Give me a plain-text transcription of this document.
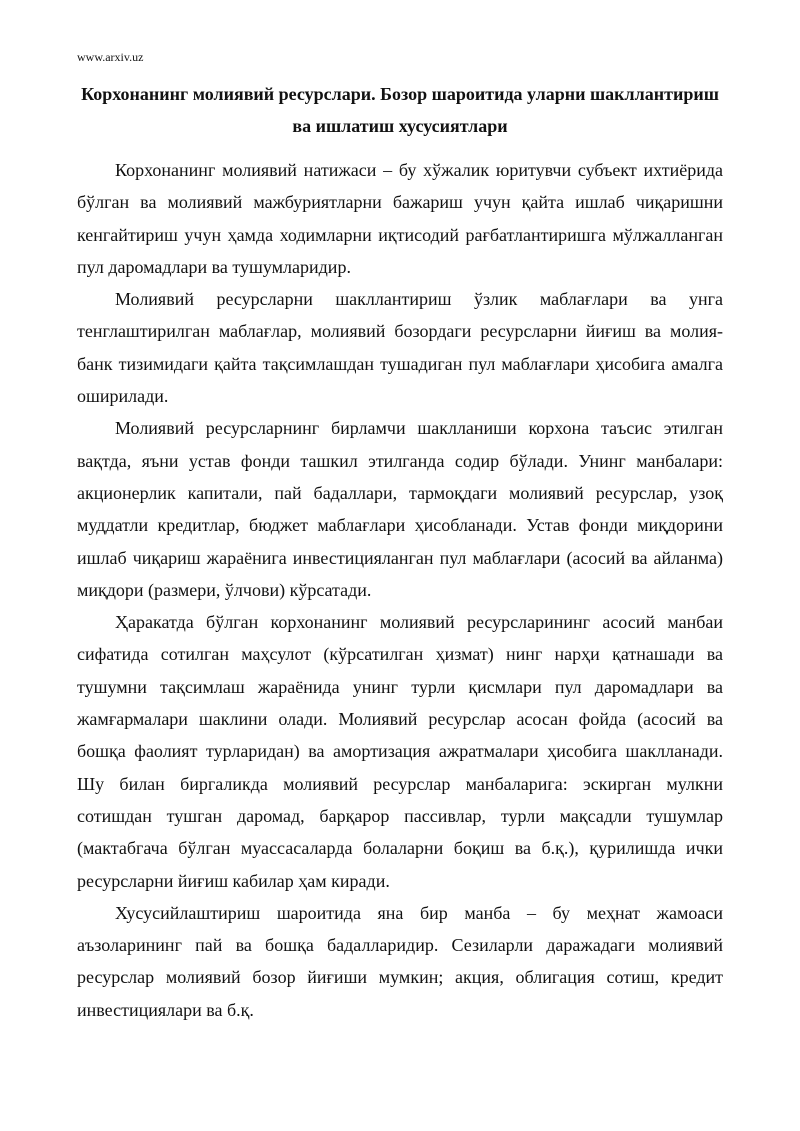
www.arxiv.uz
Корхонанинг молиявий ресурслари. Бозор шароитида уларни шакллантириш
ва ишлатиш хусусиятлари

Корхонанинг молиявий натижаси – бу хўжалик юритувчи субъект ихтиёрида бўлган ва молиявий мажбуриятларни бажариш учун қайта ишлаб чиқаришни кенгайтириш учун ҳамда ходимларни иқтисодий рағбатлантиришга мўлжалланган пул даромадлари ва тушумларидир.

Молиявий ресурсларни шакллантириш ўзлик маблағлари ва унга тенглаштирилган маблағлар, молиявий бозордаги ресурсларни йиғиш ва молия-банк тизимидаги қайта тақсимлашдан тушадиган пул маблағлари ҳисобига амалга оширилади.

Молиявий ресурсларнинг бирламчи шаклланиши корхона таъсис этилган вақтда, яъни устав фонди ташкил этилганда содир бўлади. Унинг манбалари: акционерлик капитали, пай бадаллари, тармоқдаги молиявий ресурслар, узоқ муддатли кредитлар, бюджет маблағлари ҳисобланади. Устав фонди миқдорини ишлаб чиқариш жараёнига инвестицияланган пул маблағлари (асосий ва айланма) миқдори (размери, ўлчови) кўрсатади.

Ҳаракатда бўлган корхонанинг молиявий ресурсларининг асосий манбаи сифатида сотилган маҳсулот (кўрсатилган ҳизмат) нинг нарҳи қатнашади ва тушумни тақсимлаш жараёнида унинг турли қисмлари пул даромадлари ва жамғармалари шаклини олади. Молиявий ресурслар асосан фойда (асосий ва бошқа фаолият турларидан) ва амортизация ажратмалари ҳисобига шаклланади. Шу билан биргаликда молиявий ресурслар манбаларига: эскирган мулкни сотишдан тушган даромад, барқарор пассивлар, турли мақсадли тушумлар (мактабгача бўлган муассасаларда болаларни боқиш ва б.қ.), қурилишда ички ресурсларни йиғиш кабилар ҳам киради.

Хусусийлаштириш шароитида яна бир манба – бу меҳнат жамоаси аъзоларининг пай ва бошқа бадалларидир. Сезиларли даражадаги молиявий ресурслар молиявий бозор йиғиши мумкин; акция, облигация сотиш, кредит инвестициялари ва б.қ.
